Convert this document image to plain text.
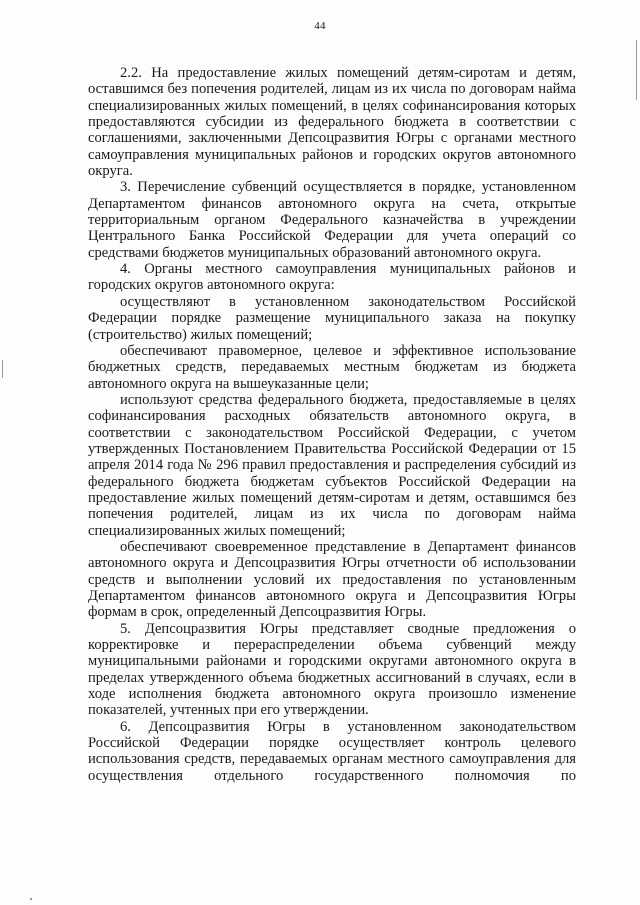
44

2.2. На предоставление жилых помещений детям-сиротам и детям, оставшимся без попечения родителей, лицам из их числа по договорам найма специализированных жилых помещений, в целях софинансирования которых предоставляются субсидии из федерального бюджета в соответствии с соглашениями, заключенными Депсоцразвития Югры с органами местного самоуправления муниципальных районов и городских округов автономного округа.

3. Перечисление субвенций осуществляется в порядке, установленном Департаментом финансов автономного округа на счета, открытые территориальным органом Федерального казначейства в учреждении Центрального Банка Российской Федерации для учета операций со средствами бюджетов муниципальных образований автономного округа.

4. Органы местного самоуправления муниципальных районов и городских округов автономного округа:

осуществляют в установленном законодательством Российской Федерации порядке размещение муниципального заказа на покупку (строительство) жилых помещений;

обеспечивают правомерное, целевое и эффективное использование бюджетных средств, передаваемых местным бюджетам из бюджета автономного округа на вышеуказанные цели;

используют средства федерального бюджета, предоставляемые в целях софинансирования расходных обязательств автономного округа, в соответствии с законодательством Российской Федерации, с учетом утвержденных Постановлением Правительства Российской Федерации от 15 апреля 2014 года № 296 правил предоставления и распределения субсидий из федерального бюджета бюджетам субъектов Российской Федерации на предоставление жилых помещений детям-сиротам и детям, оставшимся без попечения родителей, лицам из их числа по договорам найма специализированных жилых помещений;

обеспечивают своевременное представление в Департамент финансов автономного округа и Депсоцразвития Югры отчетности об использовании средств и выполнении условий их предоставления по установленным Департаментом финансов автономного округа и Депсоцразвития Югры формам в срок, определенный Депсоцразвития Югры.

5. Депсоцразвития Югры представляет сводные предложения о корректировке и перераспределении объема субвенций между муниципальными районами и городскими округами автономного округа в пределах утвержденного объема бюджетных ассигнований в случаях, если в ходе исполнения бюджета автономного округа произошло изменение показателей, учтенных при его утверждении.

6. Депсоцразвития Югры в установленном законодательством Российской Федерации порядке осуществляет контроль целевого использования средств, передаваемых органам местного самоуправления для осуществления отдельного государственного полномочия по
